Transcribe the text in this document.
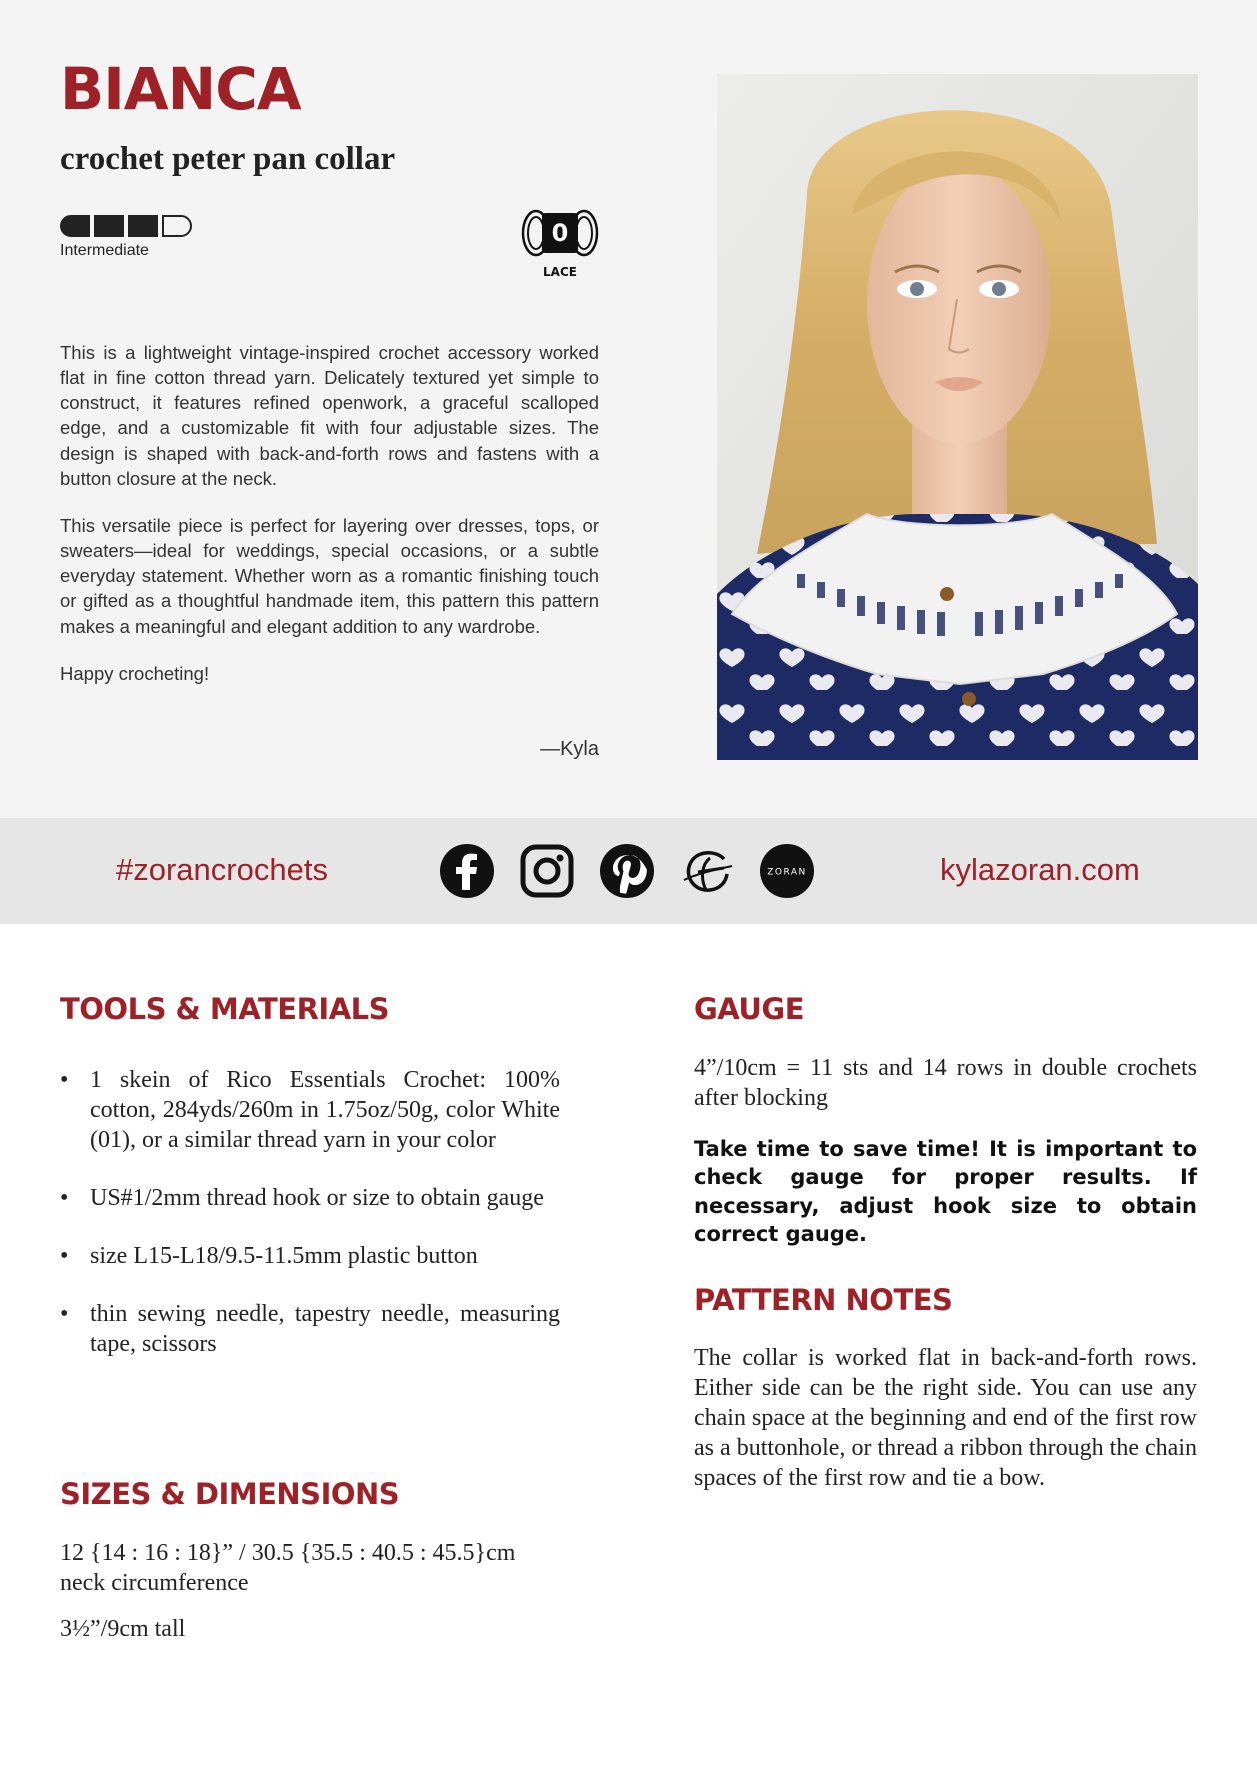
BIANCA
crochet peter pan collar
Intermediate
0
LACE

This is a lightweight vintage-inspired crochet accessory worked flat in fine cotton thread yarn. Delicately textured yet simple to construct, it features refined openwork, a graceful scalloped edge, and a customizable fit with four adjustable sizes. The design is shaped with back-and-forth rows and fastens with a button closure at the neck.

This versatile piece is perfect for layering over dresses, tops, or sweaters—ideal for weddings, special occasions, or a subtle everyday statement. Whether worn as a romantic finishing touch or gifted as a thoughtful handmade item, this pattern this pattern makes a meaningful and elegant addition to any wardrobe.

Happy crocheting!

—Kyla
#zorancrochets	ZORAN	kylazoran.com
TOOLS & MATERIALS
• 1 skein of Rico Essentials Crochet: 100% cotton, 284yds/260m in 1.75oz/50g, color White (01), or a similar thread yarn in your color
• US#1/2mm thread hook or size to obtain gauge
• size L15-L18/9.5-11.5mm plastic button
• thin sewing needle, tapestry needle, measuring tape, scissors
SIZES & DIMENSIONS

12 {14 : 16 : 18}” / 30.5 {35.5 : 40.5 : 45.5}cm neck circumference

3½”/9cm tall

GAUGE

4”/10cm = 11 sts and 14 rows in double crochets after blocking

Take time to save time! It is important to check gauge for proper results. If necessary, adjust hook size to obtain correct gauge.

PATTERN NOTES

The collar is worked flat in back-and-forth rows. Either side can be the right side. You can use any chain space at the beginning and end of the first row as a buttonhole, or thread a ribbon through the chain spaces of the first row and tie a bow.
